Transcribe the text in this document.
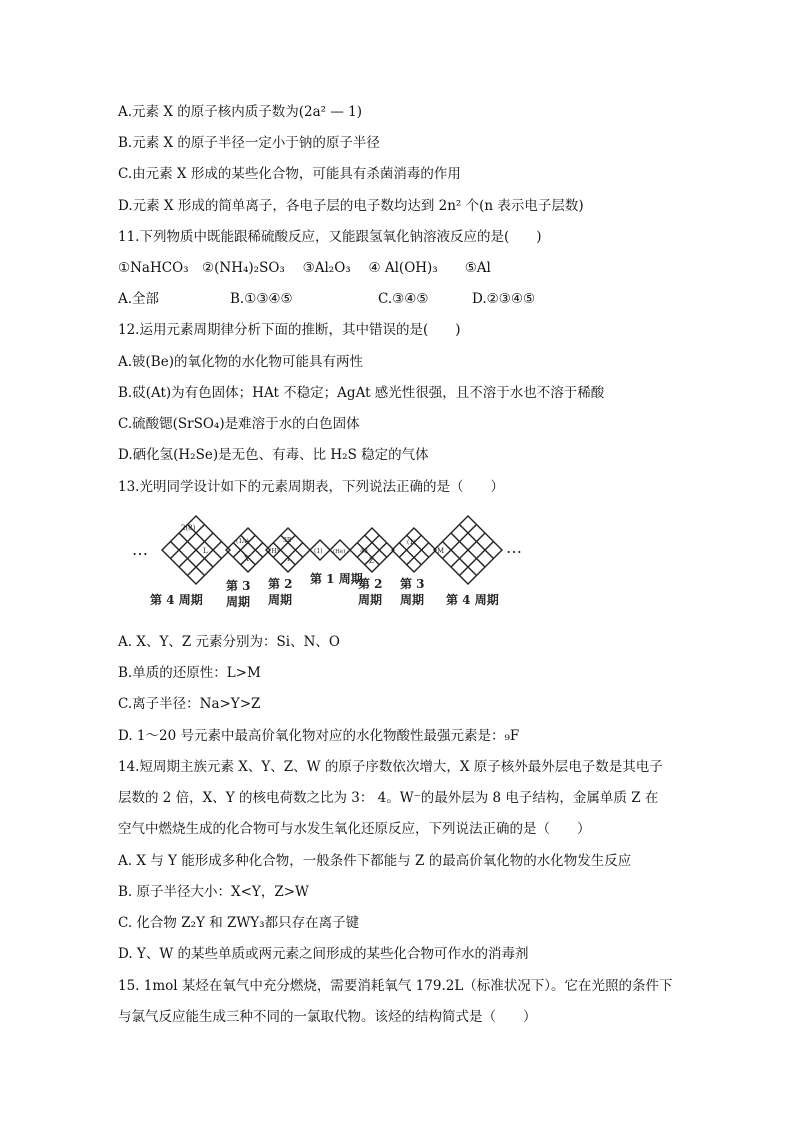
A.元素 X 的原子核内质子数为(2a² — 1)
B.元素 X 的原子半径一定小于钠的原子半径
C.由元素 X 形成的某些化合物，可能具有杀菌消毒的作用
D.元素 X 形成的简单离子，各电子层的电子数均达到 2n² 个(n 表示电子层数)
11.下列物质中既能跟稀硫酸反应，又能跟氢氧化钠溶液反应的是(　　)
①NaHCO₃　②(NH₄)₂SO₃　 ③Al₂O₃　 ④ Al(OH)₃　　⑤Al
A.全部	B.①③④⑤	C.③④⑤	D.②③④⑤
12.运用元素周期律分析下面的推断，其中错误的是(　　)
A.铍(Be)的氧化物的水化物可能具有两性
B.砹(At)为有色固体；HAt 不稳定；AgAt 感光性很强，且不溶于水也不溶于稀酸
C.硫酸锶(SrSO₄)是难溶于水的白色固体
D.硒化氢(H₂Se)是无色、有毒、比 H₂S 稳定的气体
13.光明同学设计如下的元素周期表，下列说法正确的是（　　）
…
2(8)
L
(1A)
X
(H)
Y
3B
(1) (He) 40
Z
(1)
M	…
第 4 周期
第 3
周期
第 2
周期
第 1 周期
第 2
周期
第 3
周期 第 4 周期
A. X、Y、Z 元素分别为：Si、N、O
B.单质的还原性：L>M
C.离子半径：Na>Y>Z
D. 1～20 号元素中最高价氧化物对应的水化物酸性最强元素是：₉F
14.短周期主族元素 X、Y、Z、W 的原子序数依次增大，X 原子核外最外层电子数是其电子
层数的 2 倍，X、Y 的核电荷数之比为 3： 4。W⁻的最外层为 8 电子结构，金属单质 Z 在
空气中燃烧生成的化合物可与水发生氧化还原反应，下列说法正确的是（　　）
A. X 与 Y 能形成多种化合物，一般条件下都能与 Z 的最高价氧化物的水化物发生反应
B. 原子半径大小：X<Y，Z>W
C. 化合物 Z₂Y 和 ZWY₃都只存在离子键
D. Y、W 的某些单质或两元素之间形成的某些化合物可作水的消毒剂
15. 1mol 某烃在氧气中充分燃烧，需要消耗氧气 179.2L（标准状况下）。它在光照的条件下
与氯气反应能生成三种不同的一氯取代物。该烃的结构简式是（　　）
